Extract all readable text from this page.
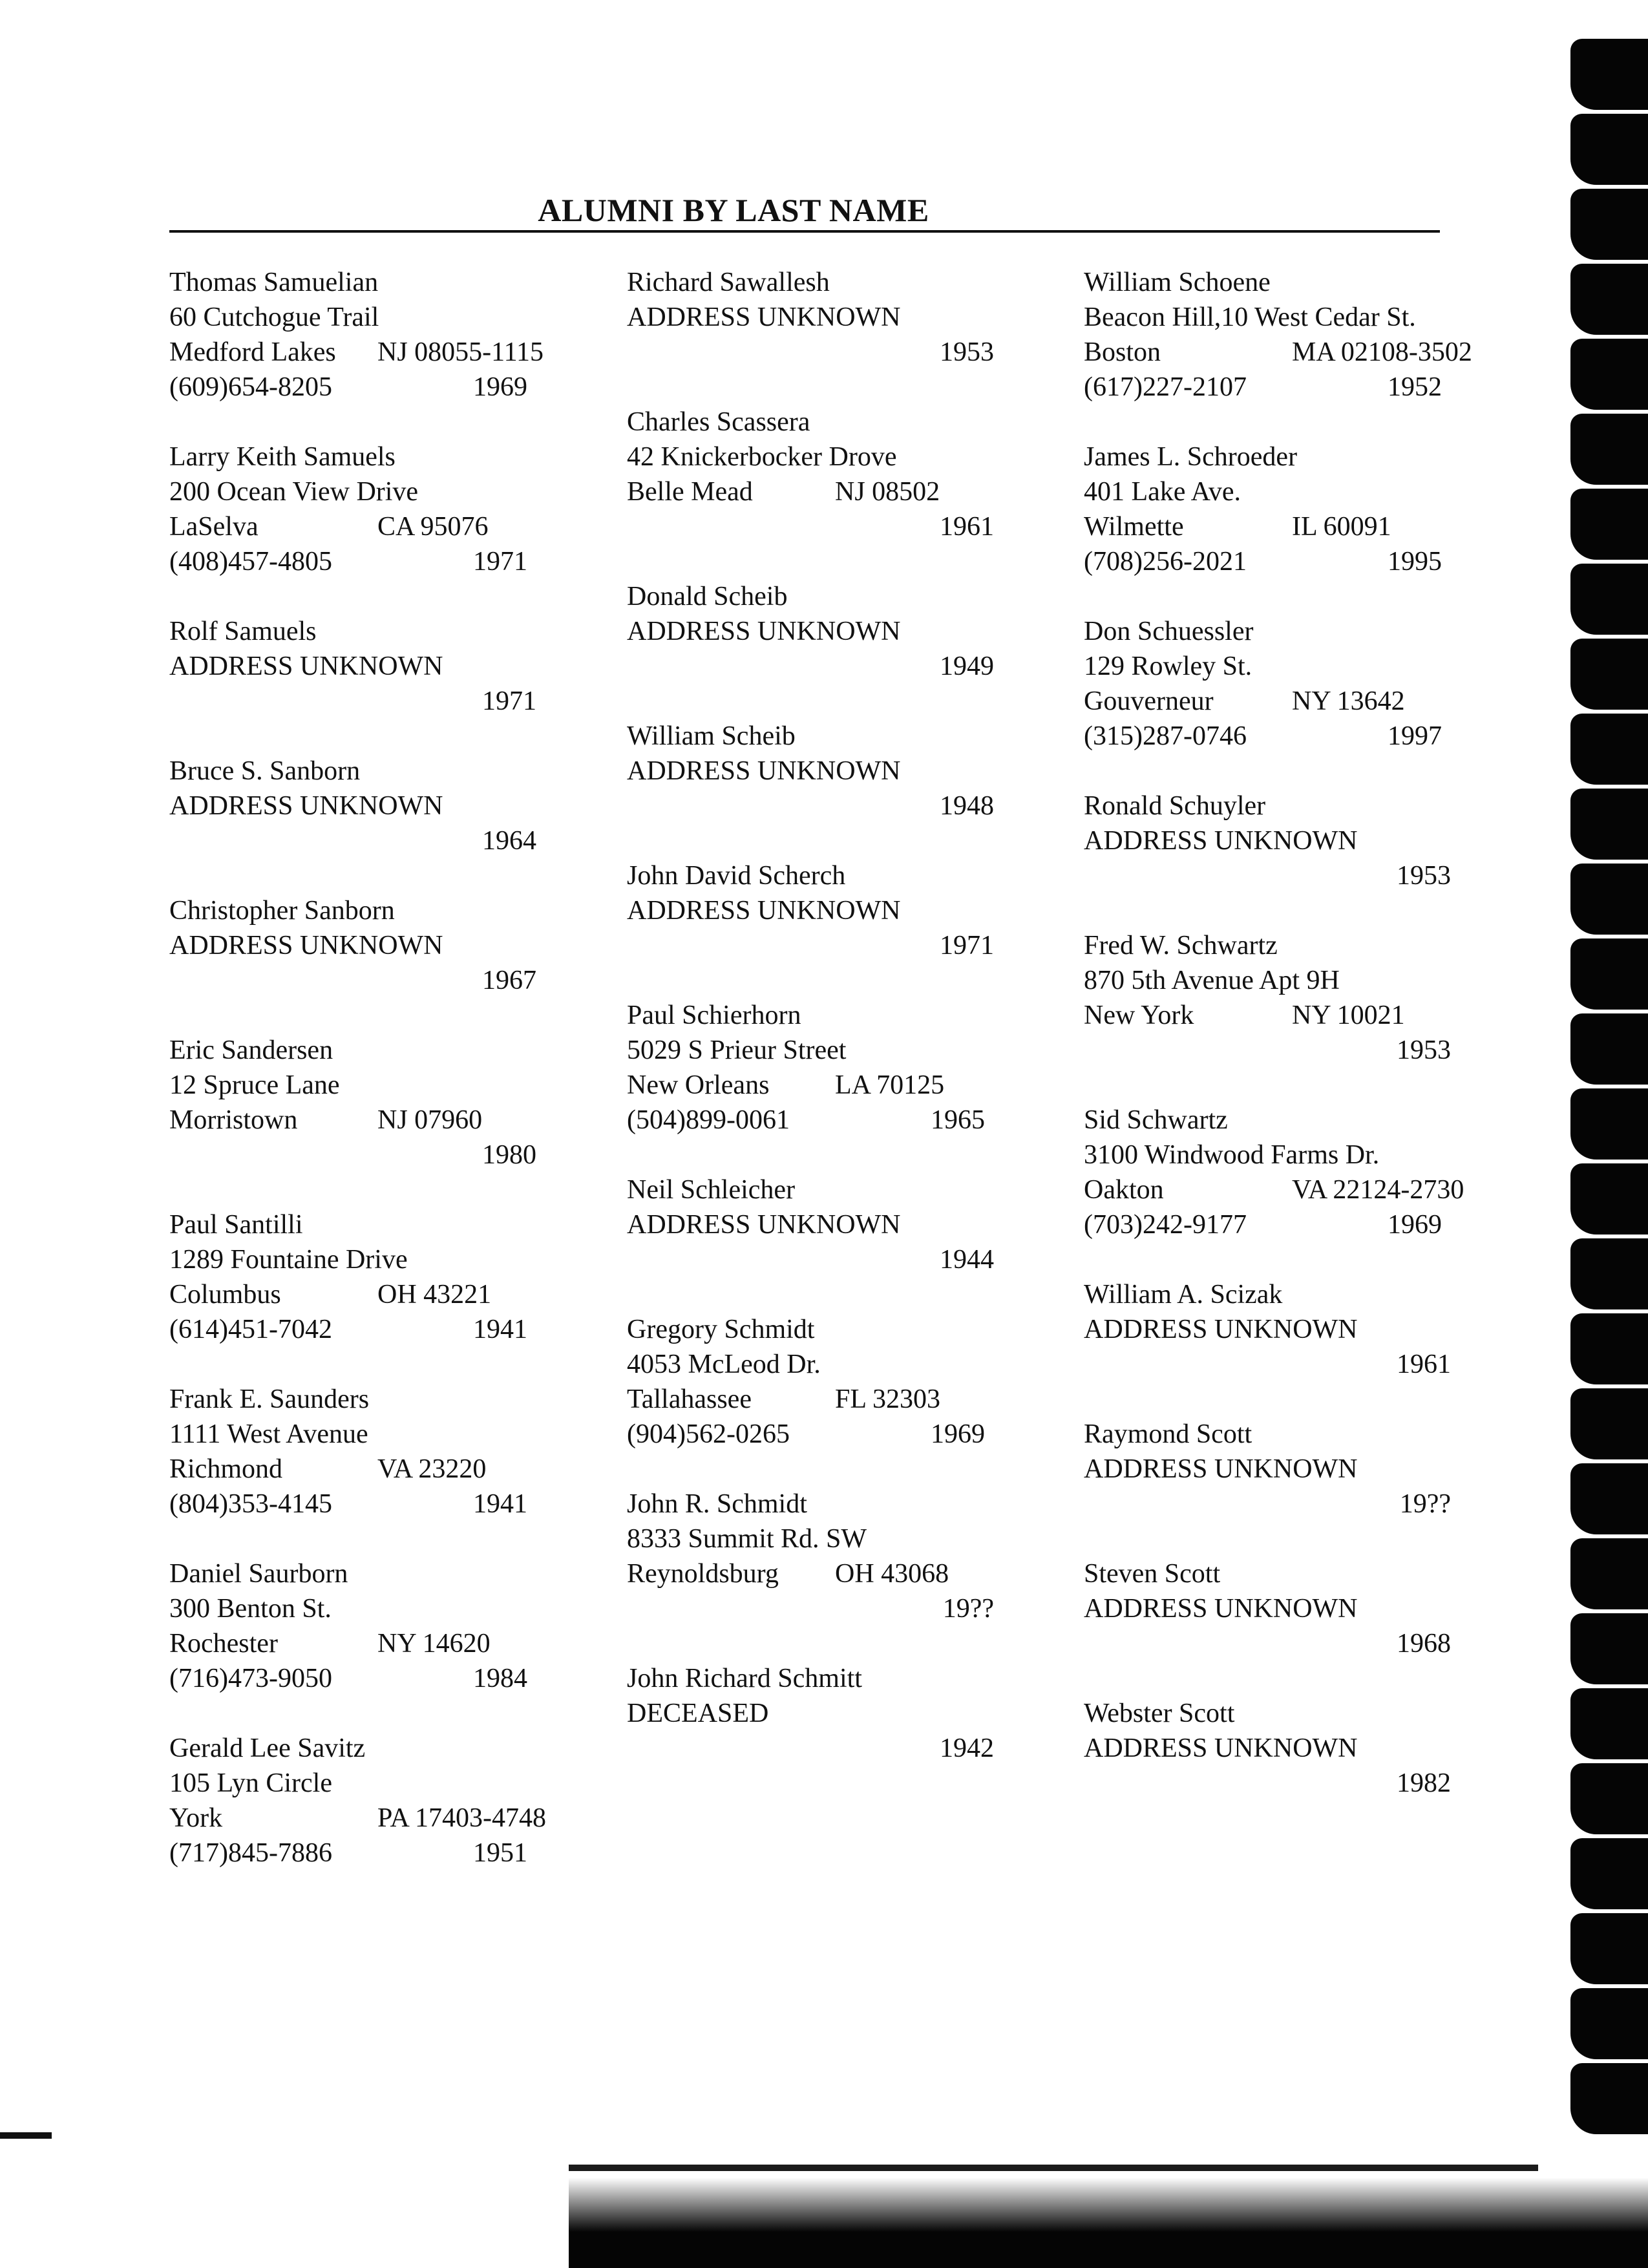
ALUMNI BY LAST NAME
Thomas Samuelian
60 Cutchogue Trail
Medford Lakes	NJ 08055-1115
(609)654-8205	1969
Larry Keith Samuels
200 Ocean View Drive
LaSelva	CA 95076
(408)457-4805	1971
Rolf Samuels
ADDRESS UNKNOWN
1971
Bruce S. Sanborn
ADDRESS UNKNOWN
1964
Christopher Sanborn
ADDRESS UNKNOWN
1967
Eric Sandersen
12 Spruce Lane
Morristown	NJ 07960
1980
Paul Santilli
1289 Fountaine Drive
Columbus	OH 43221
(614)451-7042	1941
Frank E. Saunders
1111 West Avenue
Richmond	VA 23220
(804)353-4145	1941
Daniel Saurborn
300 Benton St.
Rochester	NY 14620
(716)473-9050	1984
Gerald Lee Savitz
105 Lyn Circle
York	PA 17403-4748
(717)845-7886	1951
Richard Sawallesh
ADDRESS UNKNOWN
1953
Charles Scassera
42 Knickerbocker Drove
Belle Mead	NJ 08502
1961
Donald Scheib
ADDRESS UNKNOWN
1949
William Scheib
ADDRESS UNKNOWN
1948
John David Scherch
ADDRESS UNKNOWN
1971
Paul Schierhorn
5029 S Prieur Street
New Orleans	LA 70125
(504)899-0061	1965
Neil Schleicher
ADDRESS UNKNOWN
1944
Gregory Schmidt
4053 McLeod Dr.
Tallahassee	FL 32303
(904)562-0265	1969
John R. Schmidt
8333 Summit Rd. SW
Reynoldsburg	OH 43068
19??
John Richard Schmitt
DECEASED
1942
William Schoene
Beacon Hill,10 West Cedar St.
Boston	MA 02108-3502
(617)227-2107	1952
James L. Schroeder
401 Lake Ave.
Wilmette	IL 60091
(708)256-2021	1995
Don Schuessler
129 Rowley St.
Gouverneur	NY 13642
(315)287-0746	1997
Ronald Schuyler
ADDRESS UNKNOWN
1953
Fred W. Schwartz
870 5th Avenue Apt 9H
New York	NY 10021
1953
Sid Schwartz
3100 Windwood Farms Dr.
Oakton	VA 22124-2730
(703)242-9177	1969
William A. Scizak
ADDRESS UNKNOWN
1961
Raymond Scott
ADDRESS UNKNOWN
19??
Steven Scott
ADDRESS UNKNOWN
1968
Webster Scott
ADDRESS UNKNOWN
1982
